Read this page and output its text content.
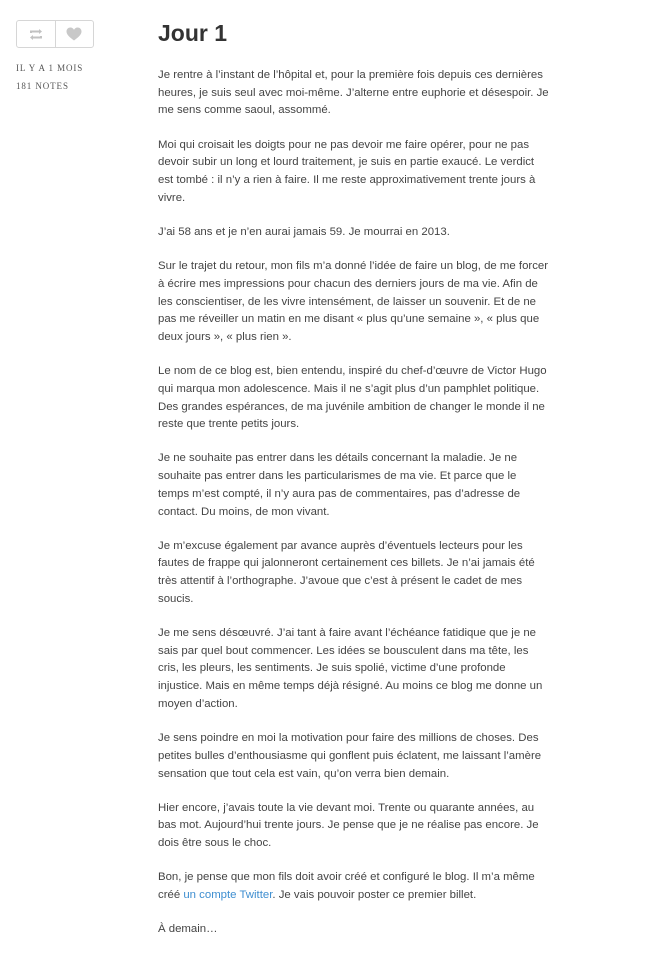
IL Y A 1 MOIS
181 NOTES
Jour 1

Je rentre à l’instant de l’hôpital et, pour la première fois depuis ces dernières heures, je suis seul avec moi-même. J’alterne entre euphorie et désespoir. Je me sens comme saoul, assommé.

Moi qui croisait les doigts pour ne pas devoir me faire opérer, pour ne pas devoir subir un long et lourd traitement, je suis en partie exaucé. Le verdict est tombé : il n’y a rien à faire. Il me reste approximativement trente jours à vivre.

J’ai 58 ans et je n’en aurai jamais 59. Je mourrai en 2013.

Sur le trajet du retour, mon fils m’a donné l’idée de faire un blog, de me forcer à écrire mes impressions pour chacun des derniers jours de ma vie. Afin de les conscientiser, de les vivre intensément, de laisser un souvenir. Et de ne pas me réveiller un matin en me disant « plus qu’une semaine », « plus que deux jours », « plus rien ».

Le nom de ce blog est, bien entendu, inspiré du chef-d’œuvre de Victor Hugo qui marqua mon adolescence. Mais il ne s’agit plus d’un pamphlet politique. Des grandes espérances, de ma juvénile ambition de changer le monde il ne reste que trente petits jours.

Je ne souhaite pas entrer dans les détails concernant la maladie. Je ne souhaite pas entrer dans les particularismes de ma vie. Et parce que le temps m’est compté, il n’y aura pas de commentaires, pas d’adresse de contact. Du moins, de mon vivant.

Je m’excuse également par avance auprès d’éventuels lecteurs pour les fautes de frappe qui jalonneront certainement ces billets. Je n’ai jamais été très attentif à l’orthographe. J’avoue que c’est à présent le cadet de mes soucis.

Je me sens désœuvré. J’ai tant à faire avant l’échéance fatidique que je ne sais par quel bout commencer. Les idées se bousculent dans ma tête, les cris, les pleurs, les sentiments. Je suis spolié, victime d’une profonde injustice. Mais en même temps déjà résigné. Au moins ce blog me donne un moyen d’action.

Je sens poindre en moi la motivation pour faire des millions de choses. Des petites bulles d’enthousiasme qui gonflent puis éclatent, me laissant l’amère sensation que tout cela est vain, qu’on verra bien demain.

Hier encore, j’avais toute la vie devant moi. Trente ou quarante années, au bas mot. Aujourd’hui trente jours. Je pense que je ne réalise pas encore. Je dois être sous le choc.

Bon, je pense que mon fils doit avoir créé et configuré le blog. Il m’a même créé un compte Twitter. Je vais pouvoir poster ce premier billet.

À demain…
